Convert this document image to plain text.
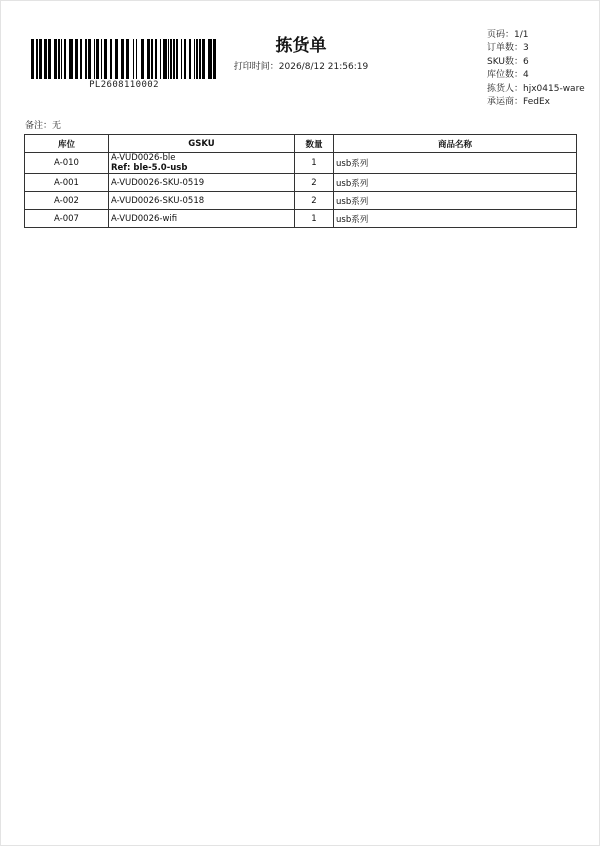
PL2608110002
拣货单
打印时间：2026/8/12 21:56:19
页码：1/1
订单数：3
SKU数：6
库位数：4
拣货人：hjx0415-ware
承运商：FedEx
备注：无
库位	GSKU	数量	商品名称
A-010	A-VUD0026-ble
Ref: ble-5.0-usb	1	usb系列
A-001	A-VUD0026-SKU-0519	2	usb系列
A-002	A-VUD0026-SKU-0518	2	usb系列
A-007	A-VUD0026-wifi	1	usb系列
